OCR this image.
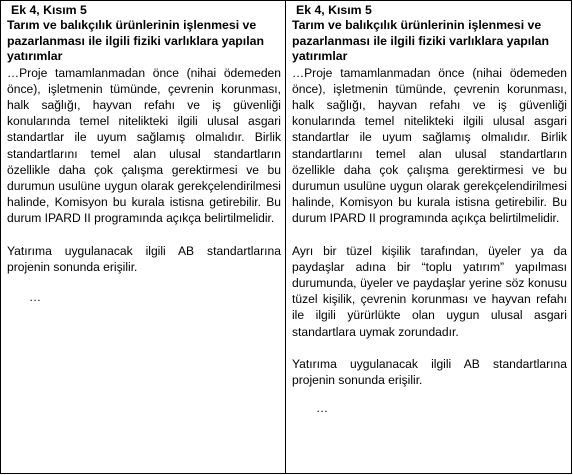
Ek 4, Kısım 5
Tarım ve balıkçılık ürünlerinin işlenmesi ve pazarlanması ile ilgili fiziki varlıklara yapılan yatırımlar
…Proje tamamlanmadan önce (nihai ödemeden önce), işletmenin tümünde, çevrenin korunması, halk sağlığı, hayvan refahı ve iş güvenliği konularında temel nitelikteki ilgili ulusal asgari standartlar ile uyum sağlamış olmalıdır. Birlik standartlarını temel alan ulusal standartların özellikle daha çok çalışma gerektirmesi ve bu durumun usulüne uygun olarak gerekçelendirilmesi halinde, Komisyon bu kurala istisna getirebilir. Bu durum IPARD II programında açıkça belirtilmelidir.
Yatırıma uygulanacak ilgili AB standartlarına projenin sonunda erişilir.
…
Ek 4, Kısım 5
Tarım ve balıkçılık ürünlerinin işlenmesi ve pazarlanması ile ilgili fiziki varlıklara yapılan yatırımlar
…Proje tamamlanmadan önce (nihai ödemeden önce), işletmenin tümünde, çevrenin korunması, halk sağlığı, hayvan refahı ve iş güvenliği konularında temel nitelikteki ilgili ulusal asgari standartlar ile uyum sağlamış olmalıdır. Birlik standartlarını temel alan ulusal standartların özellikle daha çok çalışma gerektirmesi ve bu durumun usulüne uygun olarak gerekçelendirilmesi halinde, Komisyon bu kurala istisna getirebilir. Bu durum IPARD II programında açıkça belirtilmelidir.
Ayrı bir tüzel kişilik tarafından, üyeler ya da paydaşlar adına bir “toplu yatırım” yapılması durumunda, üyeler ve paydaşlar yerine söz konusu tüzel kişilik, çevrenin korunması ve hayvan refahı ile ilgili yürürlükte olan uygun ulusal asgari standartlara uymak zorundadır.
Yatırıma uygulanacak ilgili AB standartlarına projenin sonunda erişilir.
…
